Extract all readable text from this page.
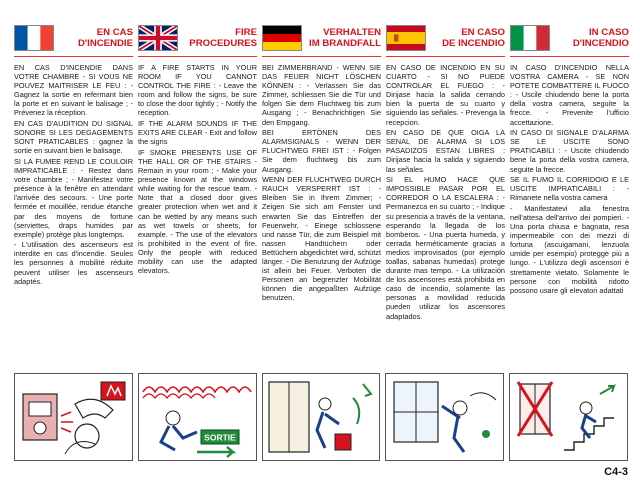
EN CAS
D'INCENDIE

EN CAS D'INCENDIE DANS VOTRE CHAMBRE - SI VOUS NE POUVEZ MAITRISER LE FEU : - Gagnez la sortie en refermant bien la porte et en suivant le balisage ; - Prévenez la réception.

EN CAS D'AUDITION DU SIGNAL SONORE SI LES DEGAGEMENTS SONT PRATICABLES : gagnez la sortie en suivant bien le balisage.

SI LA FUMEE REND LE COULOIR IMPRATICABLE : - Restez dans votre chambre ; - Manifestez votre présence à la fenêtre en attendant l'arrivée des secours. - Une porte fermée et mouillée, rendue étanche par des moyens de fortune (serviettes, draps humides par exemple) protège plus longtemps.

- L'utilisation des ascenseurs est interdite en cas d'incendie. Seules les personnes à mobilité réduite peuvent utiliser les ascenseurs adaptés.

FIRE
PROCEDURES

IF A FIRE STARTS IN YOUR ROOM IF YOU CANNOT CONTROL THE FIRE : - Leave the room and follow the signs, be sure to close the door tightly ; - Notify the reception.

IF THE ALARM SOUNDS IF THE EXITS ARE CLEAR - Exit and follow the signs

IF SMOKE PRESENTS USE OF THE HALL OR OF THE STAIRS - Remain in your room ; - Make your presence known at the windows while waiting for the rescue team. - Note that a closed door gives greater protection when wet and it can be wetted by any means such as wet towels or sheets, for example. - The use of the elevators is prohibited in the event of fire. Only the people with reduced mobility can use the adapted elevators.

VERHALTEN
IM BRANDFALL

BEI ZIMMERBRAND - WENN SIE DAS FEUER NICHT LÖSCHEN KÖNNEN : - Verlassen Sie das Zimmer, schliessen Sie die Tür und folgen Sie dem Fluchtweg bis zum Ausgang ; - Benachrichtigen Sie den Empgang.

BEI ERTÖNEN DES ALARMSIGNALS - WENN DER FLUCHTWEG FREI IST : - Folgen Sie dem fluchtweg bis zum Ausgang.

WENN DER FLUCHTWEG DURCH RAUCH VERSPERRT IST : - Bleiben Sie in Ihrem Zimmer; - Zeigen Sie sich am Fenster und erwarten Sie das Eintreffen der Feuerwehr, - Einege schlossene und nasse Tür, die zum Beispiel mit nassen Handtüchern oder Bettüchern abgedichtet wird, schützt länger. - Die Benutzung der Aufzüge ist allein bei Feuer. Verboten die Personen an begrenzter Mobilität können die angepaßten Aufzüge benutzen.

EN CASO
DE INCENDIO

EN CASO DE INCENDIO EN SU CUARTO - SI NO PUEDE CONTROLAR EL FUEGO : - Dirijase hacia la salida cerrando bien la puerta de su cuarto y siguiendo las señales. - Prevenga la recepcion.

EN CASO DE QUE OIGA LA SENAL DE ALARMA SI LOS PASADIZOS ESTAN LIBRES : Dirijase hacia la salida y siguiendo las señales.

SI EL HUMO HACE QUE IMPOSSIBLE PASAR POR EL CORREDOR O LA ESCALERA : - Permanezca en su cuarto ; - Indique su presencia a través de la ventana, esperando la llegada de los bomberos. - Una puerta humeda, y cerrada herméticamente gracias a medios improvisados (por ejemplo toallas, sabanas humedas) protege durante mas tempo. - La utilización de los ascensores está prohibida en caso de incendio, solamente las personas a movilidad reducida pueden utilizar los ascensores adaptados.

IN CASO
D'INCENDIO

IN CASO D'INCENDIO NELLA VOSTRA CAMERA - SE NON POTETE COMBATTERE IL FUOCO : - Uscile chiudendo bene la porta della vostra camera, seguite la frecce. - Prevenite l'ufficio accettazione.

IN CASO DI SIGNALE D'ALARMA SE LE USCITE SONO PRATICABILI : - Uscite chiudendo bene la porta della vostra camera, seguite la frecce.

SE IL FUMO IL CORRIDOIO E LE USCITE IMPRATICABILI : - Rimanete nella vostra camera

- Manifestatevi alla fenestra nell'attesa dell'arrivo dei pompieri. - Una porta chiusa e bagnata, resa impermeabile con dei mezzi di fortuna (ascuigamani, lenzuola umide per esempio) protegge più a lungo. - L'utilizzo degli ascensori è strettamente vietato. Solamente le persone con mobilità ridotto possono usare gli elevatori adattati

SORTIE
C4-3
